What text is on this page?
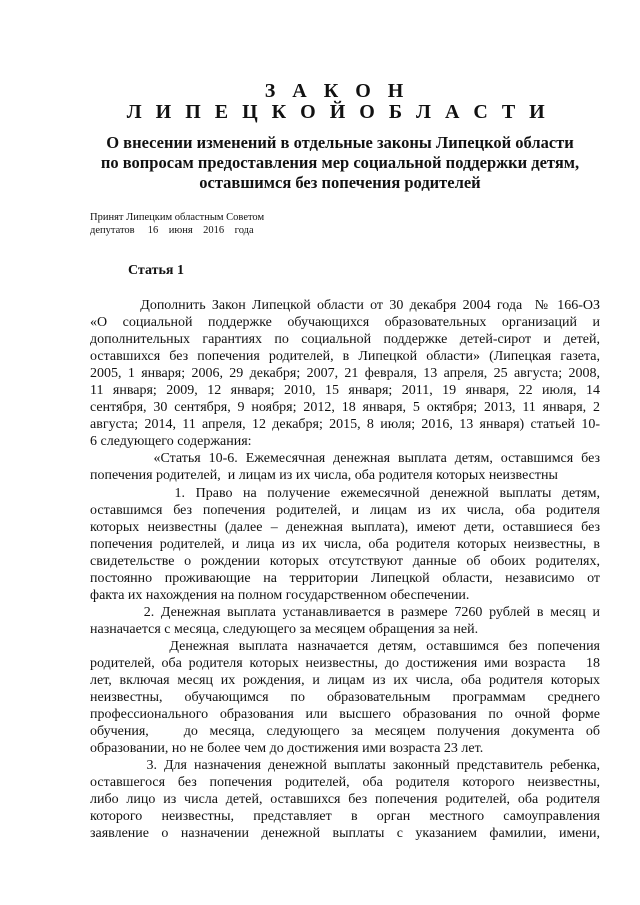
З А К О Н
Л И П Е Ц К О Й О Б Л А С Т И
О внесении изменений в отдельные законы Липецкой области
по вопросам предоставления мер социальной поддержки детям,
оставшимся без попечения родителей
Принят Липецким областным Советом
депутатов     16    июня    2016    года
Статья 1
Дополнить Закон Липецкой области от 30 декабря 2004 года  № 166-ОЗ
«О социальной поддержке обучающихся образовательных организаций и
дополнительных гарантиях по социальной поддержке детей-сирот и детей,
оставшихся без попечения родителей, в Липецкой области» (Липецкая газета,
2005, 1 января; 2006, 29 декабря; 2007, 21 февраля, 13 апреля, 25 августа; 2008,
11 января; 2009, 12 января; 2010, 15 января; 2011, 19 января, 22 июля, 14
сентября, 30 сентября, 9 ноября; 2012, 18 января, 5 октября; 2013, 11 января, 2
августа; 2014, 11 апреля, 12 декабря; 2015, 8 июля; 2016, 13 января) статьей 10-
6 следующего содержания:
«Статья 10-6. Ежемесячная денежная выплата детям, оставшимся без
попечения родителей,  и лицам из их числа, оба родителя которых неизвестны
1. Право на получение ежемесячной денежной выплаты детям,
оставшимся без попечения родителей, и лицам из их числа, оба родителя
которых неизвестны (далее – денежная выплата), имеют дети, оставшиеся без
попечения родителей, и лица из их числа, оба родителя которых неизвестны, в
свидетельстве о рождении которых отсутствуют данные об обоих родителях,
постоянно проживающие на территории Липецкой области, независимо от
факта их нахождения на полном государственном обеспечении.
2. Денежная выплата устанавливается в размере 7260 рублей в месяц и
назначается с месяца, следующего за месяцем обращения за ней.
Денежная выплата назначается детям, оставшимся без попечения
родителей, оба родителя которых неизвестны, до достижения ими возраста   18
лет, включая месяц их рождения, и лицам из их числа, оба родителя которых
неизвестны, обучающимся по образовательным программам среднего
профессионального образования или высшего образования по очной форме
обучения,   до месяца, следующего за месяцем получения документа об
образовании, но не более чем до достижения ими возраста 23 лет.
3. Для назначения денежной выплаты законный представитель ребенка,
оставшегося без попечения родителей, оба родителя которого неизвестны,
либо лицо из числа детей, оставшихся без попечения родителей, оба родителя
которого неизвестны, представляет в орган местного самоуправления
заявление о назначении денежной выплаты с указанием фамилии, имени,
